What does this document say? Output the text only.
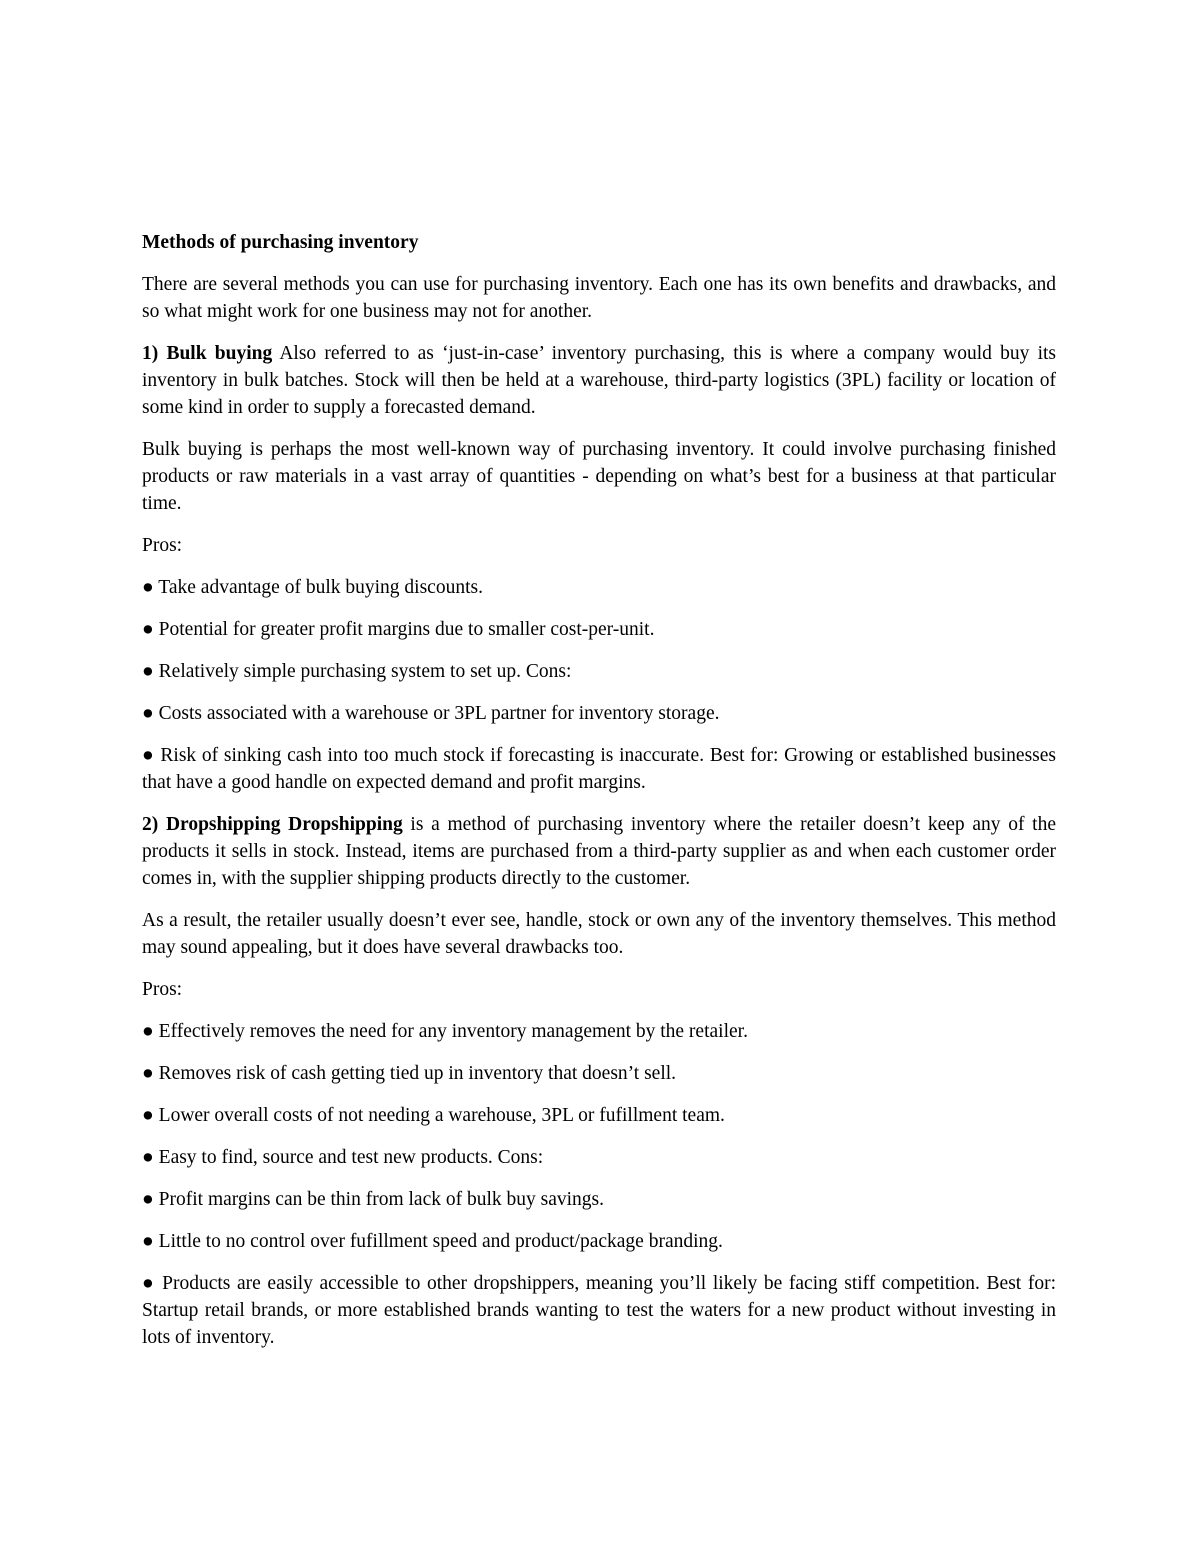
Methods of purchasing inventory

There are several methods you can use for purchasing inventory. Each one has its own benefits and drawbacks, and so what might work for one business may not for another.

1) Bulk buying Also referred to as ‘just-in-case’ inventory purchasing, this is where a company would buy its inventory in bulk batches. Stock will then be held at a warehouse, third-party logistics (3PL) facility or location of some kind in order to supply a forecasted demand.

Bulk buying is perhaps the most well-known way of purchasing inventory. It could involve purchasing finished products or raw materials in a vast array of quantities - depending on what’s best for a business at that particular time.

Pros:

● Take advantage of bulk buying discounts.

● Potential for greater profit margins due to smaller cost-per-unit.

● Relatively simple purchasing system to set up. Cons:

● Costs associated with a warehouse or 3PL partner for inventory storage.

● Risk of sinking cash into too much stock if forecasting is inaccurate. Best for: Growing or established businesses that have a good handle on expected demand and profit margins.

2) Dropshipping Dropshipping is a method of purchasing inventory where the retailer doesn’t keep any of the products it sells in stock. Instead, items are purchased from a third-party supplier as and when each customer order comes in, with the supplier shipping products directly to the customer.

As a result, the retailer usually doesn’t ever see, handle, stock or own any of the inventory themselves. This method may sound appealing, but it does have several drawbacks too.

Pros:

● Effectively removes the need for any inventory management by the retailer.

● Removes risk of cash getting tied up in inventory that doesn’t sell.

● Lower overall costs of not needing a warehouse, 3PL or fufillment team.

● Easy to find, source and test new products. Cons:

● Profit margins can be thin from lack of bulk buy savings.

● Little to no control over fufillment speed and product/package branding.

● Products are easily accessible to other dropshippers, meaning you’ll likely be facing stiff competition. Best for: Startup retail brands, or more established brands wanting to test the waters for a new product without investing in lots of inventory.
